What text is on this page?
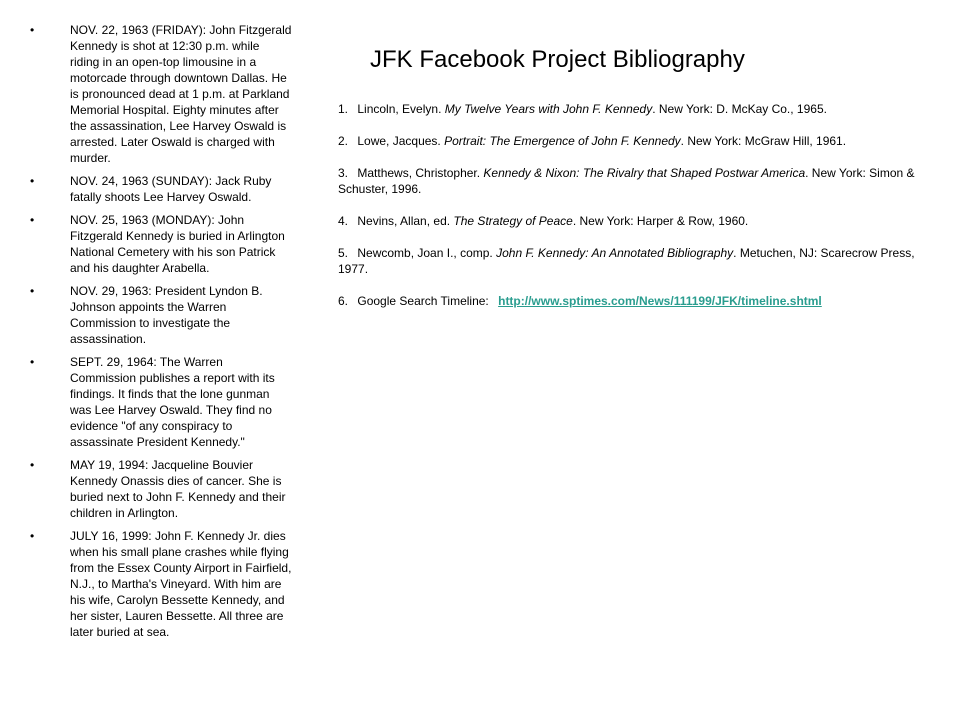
•	NOV. 22, 1963 (FRIDAY): John Fitzgerald Kennedy is shot at 12:30 p.m. while riding in an open-top limousine in a motorcade through downtown Dallas. He is pronounced dead at 1 p.m. at Parkland Memorial Hospital. Eighty minutes after the assassination, Lee Harvey Oswald is arrested. Later Oswald is charged with murder.
•	NOV. 24, 1963 (SUNDAY): Jack Ruby fatally shoots Lee Harvey Oswald.
•	NOV. 25, 1963 (MONDAY): John Fitzgerald Kennedy is buried in Arlington National Cemetery with his son Patrick and his daughter Arabella.
•	NOV. 29, 1963: President Lyndon B. Johnson appoints the Warren Commission to investigate the assassination.
•	SEPT. 29, 1964: The Warren Commission publishes a report with its findings. It finds that the lone gunman was Lee Harvey Oswald. They find no evidence "of any conspiracy to assassinate President Kennedy."
•	MAY 19, 1994: Jacqueline Bouvier Kennedy Onassis dies of cancer. She is buried next to John F. Kennedy and their children in Arlington.
•	JULY 16, 1999: John F. Kennedy Jr. dies when his small plane crashes while flying from the Essex County Airport in Fairfield, N.J., to Martha's Vineyard. With him are his wife, Carolyn Bessette Kennedy, and her sister, Lauren Bessette. All three are later buried at sea.
JFK Facebook Project Bibliography
1. Lincoln, Evelyn. My Twelve Years with John F. Kennedy. New York: D. McKay Co., 1965.
2. Lowe, Jacques. Portrait: The Emergence of John F. Kennedy. New York: McGraw Hill, 1961.
3. Matthews, Christopher. Kennedy & Nixon: The Rivalry that Shaped Postwar America. New York: Simon & Schuster, 1996.
4. Nevins, Allan, ed. The Strategy of Peace. New York: Harper & Row, 1960.
5. Newcomb, Joan I., comp. John F. Kennedy: An Annotated Bibliography. Metuchen, NJ: Scarecrow Press, 1977.
6. Google Search Timeline: http://www.sptimes.com/News/111199/JFK/timeline.shtml
